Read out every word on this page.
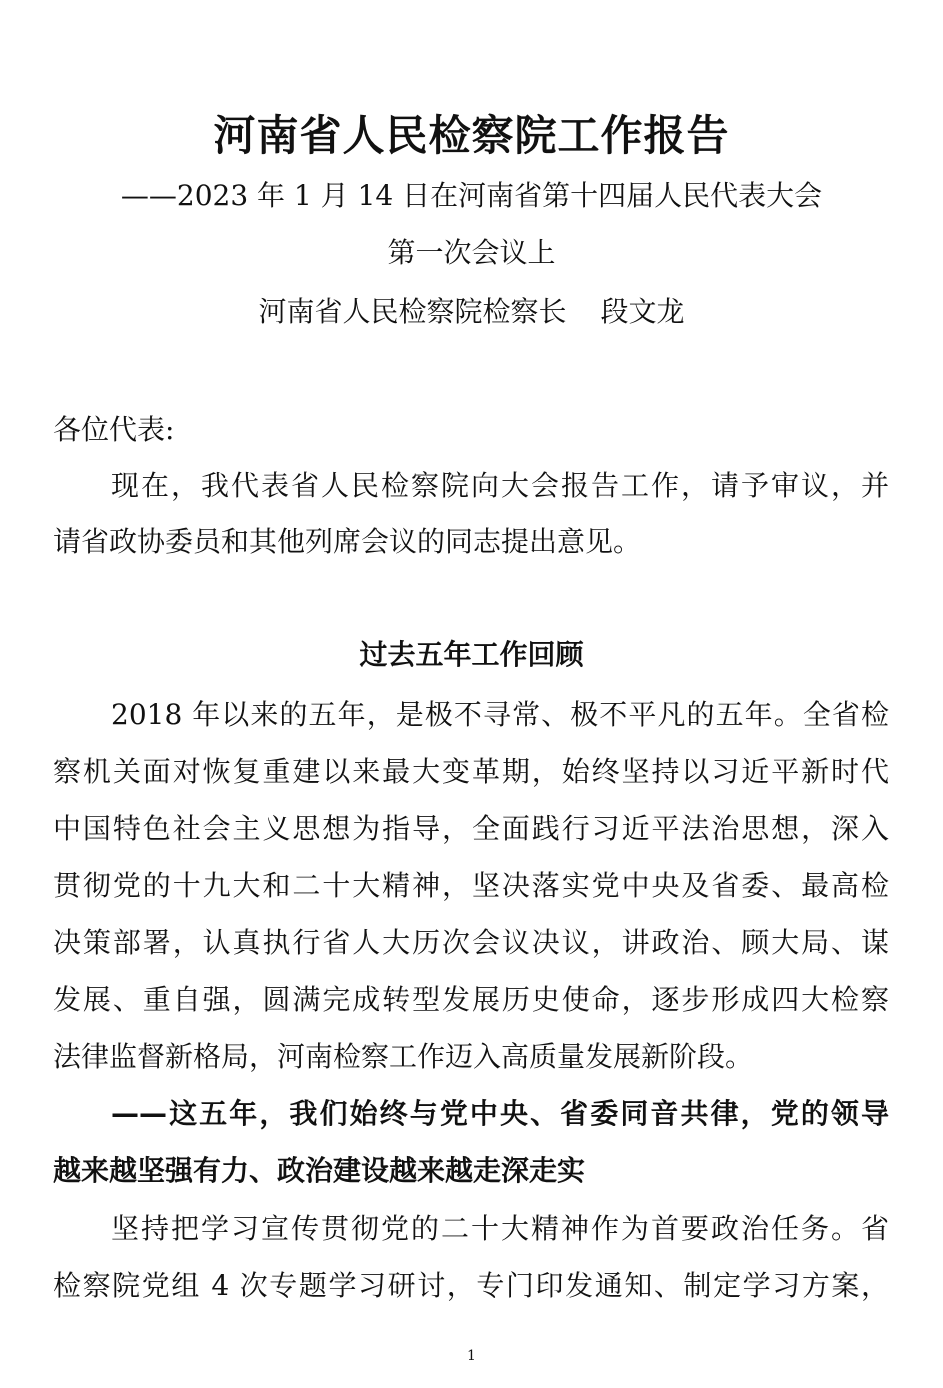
河南省人民检察院工作报告
——2023 年 1 月 14 日在河南省第十四届人民代表大会
第一次会议上
河南省人民检察院检察长 段文龙
各位代表:
现在，我代表省人民检察院向大会报告工作，请予审议，并
请省政协委员和其他列席会议的同志提出意见。
过去五年工作回顾
2018 年以来的五年，是极不寻常、极不平凡的五年。全省检
察机关面对恢复重建以来最大变革期，始终坚持以习近平新时代
中国特色社会主义思想为指导，全面践行习近平法治思想，深入
贯彻党的十九大和二十大精神，坚决落实党中央及省委、最高检
决策部署，认真执行省人大历次会议决议，讲政治、顾大局、谋
发展、重自强，圆满完成转型发展历史使命，逐步形成四大检察
法律监督新格局，河南检察工作迈入高质量发展新阶段。
——这五年，我们始终与党中央、省委同音共律，党的领导
越来越坚强有力、政治建设越来越走深走实
坚持把学习宣传贯彻党的二十大精神作为首要政治任务。省
检察院党组 4 次专题学习研讨，专门印发通知、制定学习方案，
1
